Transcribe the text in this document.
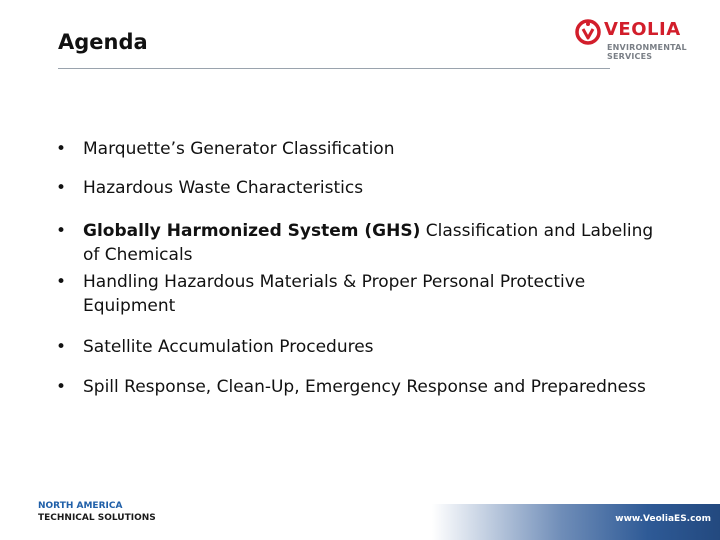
Agenda
VEOLIA
ENVIRONMENTAL
SERVICES
• Marquette’s Generator Classification
• Hazardous Waste Characteristics
• Globally Harmonized System (GHS) Classification and Labeling of Chemicals
• Handling Hazardous Materials & Proper Personal Protective Equipment
• Satellite Accumulation Procedures
• Spill Response, Clean-Up, Emergency Response and Preparedness
NORTH AMERICA
TECHNICAL SOLUTIONS	www.VeoliaES.com
